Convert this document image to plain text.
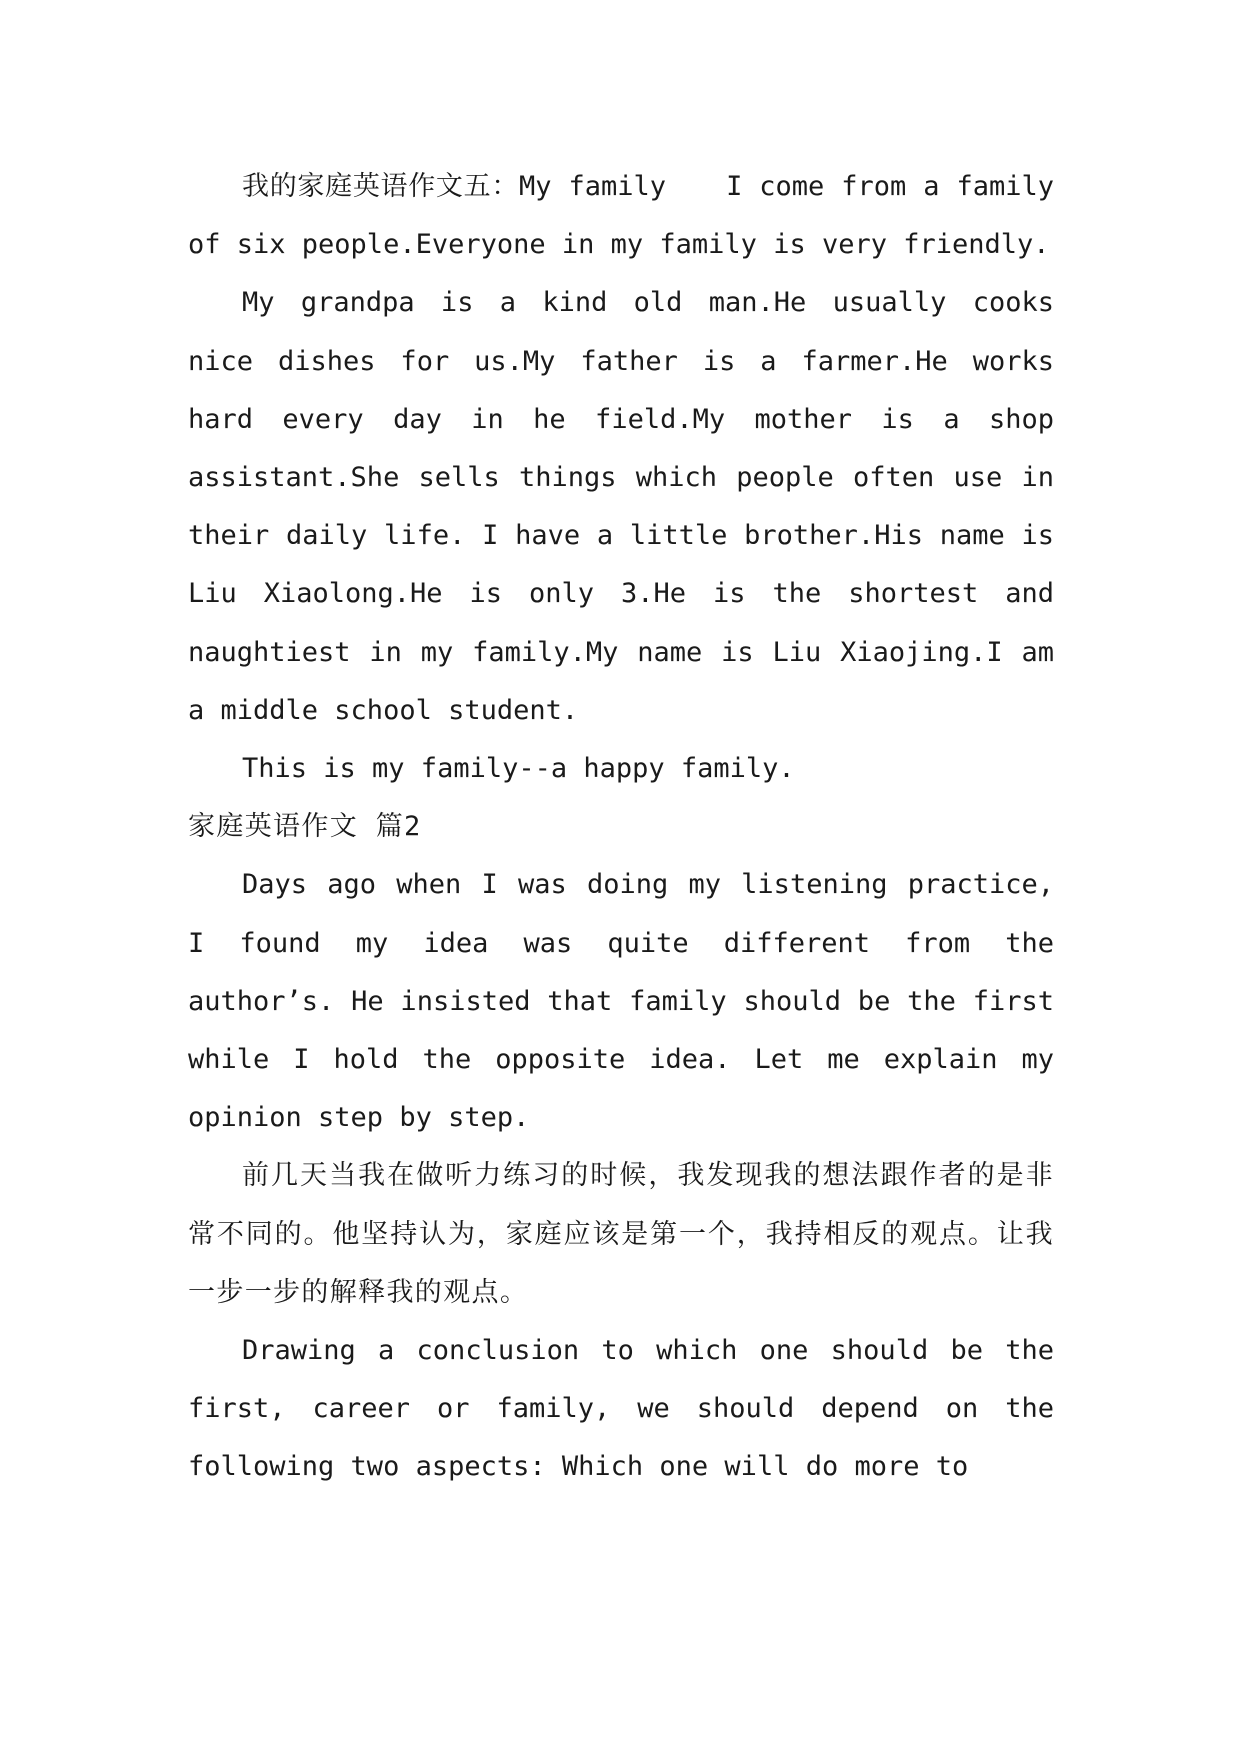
我的家庭英语作文五：My family I come from a family of six people.Everyone in my family is very friendly.

My grandpa is a kind old man.He usually cooks nice dishes for us.My father is a farmer.He works hard every day in he field.My mother is a shop assistant.She sells things which people often use in their daily life. I have a little brother.His name is Liu Xiaolong.He is only 3.He is the shortest and naughtiest in my family.My name is Liu Xiaojing.I am a middle school student.

This is my family--a happy family.

家庭英语作文 篇2

Days ago when I was doing my listening practice, I found my idea was quite different from the author’s. He insisted that family should be the first while I hold the opposite idea. Let me explain my opinion step by step.

前几天当我在做听力练习的时候，我发现我的想法跟作者的是非常不同的。他坚持认为，家庭应该是第一个，我持相反的观点。让我一步一步的解释我的观点。

Drawing a conclusion to which one should be the first, career or family, we should depend on the following two aspects: Which one will do more to
